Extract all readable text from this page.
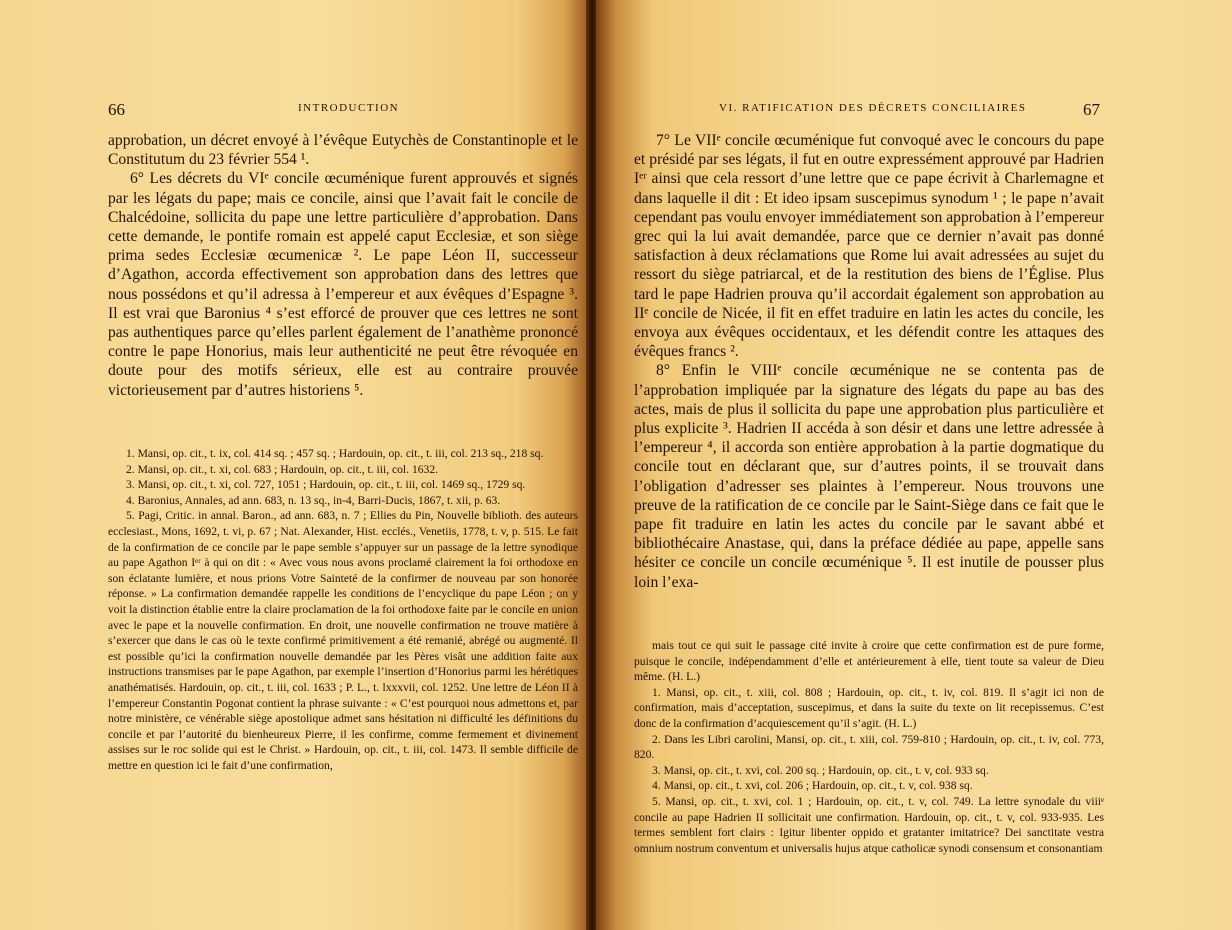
66	INTRODUCTION

approbation, un décret envoyé à l’évêque Eutychès de Constantinople et le Constitutum du 23 février 554 ¹.

6° Les décrets du VIᵉ concile œcuménique furent approuvés et signés par les légats du pape; mais ce concile, ainsi que l’avait fait le concile de Chalcédoine, sollicita du pape une lettre particulière d’approbation. Dans cette demande, le pontife romain est appelé caput Ecclesiæ, et son siège prima sedes Ecclesiæ œcumenicæ ². Le pape Léon II, successeur d’Agathon, accorda effectivement son approbation dans des lettres que nous possédons et qu’il adressa à l’empereur et aux évêques d’Espagne ³. Il est vrai que Baronius ⁴ s’est efforcé de prouver que ces lettres ne sont pas authentiques parce qu’elles parlent également de l’anathème prononcé contre le pape Honorius, mais leur authenticité ne peut être révoquée en doute pour des motifs sérieux, elle est au contraire prouvée victorieusement par d’autres historiens ⁵.

1. Mansi, op. cit., t. ix, col. 414 sq. ; 457 sq. ; Hardouin, op. cit., t. iii, col. 213 sq., 218 sq.

2. Mansi, op. cit., t. xi, col. 683 ; Hardouin, op. cit., t. iii, col. 1632.

3. Mansi, op. cit., t. xi, col. 727, 1051 ; Hardouin, op. cit., t. iii, col. 1469 sq., 1729 sq.

4. Baronius, Annales, ad ann. 683, n. 13 sq., in-4, Barri-Ducis, 1867, t. xii, p. 63.

5. Pagi, Critic. in annal. Baron., ad ann. 683, n. 7 ; Ellies du Pin, Nouvelle biblioth. des auteurs ecclesiast., Mons, 1692, t. vi, p. 67 ; Nat. Alexander, Hist. ecclés., Venetiis, 1778, t. v, p. 515. Le fait de la confirmation de ce concile par le pape semble s’appuyer sur un passage de la lettre synodique au pape Agathon Iᵉʳ à qui on dit : « Avec vous nous avons proclamé clairement la foi orthodoxe en son éclatante lumière, et nous prions Votre Sainteté de la confirmer de nouveau par son honorée réponse. » La confirmation demandée rappelle les conditions de l’encyclique du pape Léon ; on y voit la distinction établie entre la claire proclamation de la foi orthodoxe faite par le concile en union avec le pape et la nouvelle confirmation. En droit, une nouvelle confirmation ne trouve matière à s’exercer que dans le cas où le texte confirmé primitivement a été remanié, abrégé ou augmenté. Il est possible qu’ici la confirmation nouvelle demandée par les Pères visât une addition faite aux instructions transmises par le pape Agathon, par exemple l’insertion d’Honorius parmi les hérétiques anathématisés. Hardouin, op. cit., t. iii, col. 1633 ; P. L., t. lxxxvii, col. 1252. Une lettre de Léon II à l’empereur Constantin Pogonat contient la phrase suivante : « C’est pourquoi nous admettons et, par notre ministère, ce vénérable siège apostolique admet sans hésitation ni difficulté les définitions du concile et par l’autorité du bienheureux Pierre, il les confirme, comme fermement et divinement assises sur le roc solide qui est le Christ. » Hardouin, op. cit., t. iii, col. 1473. Il semble difficile de mettre en question ici le fait d’une confirmation,

VI. RATIFICATION DES DÉCRETS CONCILIAIRES	67

7° Le VIIᵉ concile œcuménique fut convoqué avec le concours du pape et présidé par ses légats, il fut en outre expressément approuvé par Hadrien Iᵉʳ ainsi que cela ressort d’une lettre que ce pape écrivit à Charlemagne et dans laquelle il dit : Et ideo ipsam suscepimus synodum ¹ ; le pape n’avait cependant pas voulu envoyer immédiatement son approbation à l’empereur grec qui la lui avait demandée, parce que ce dernier n’avait pas donné satisfaction à deux réclamations que Rome lui avait adressées au sujet du ressort du siège patriarcal, et de la restitution des biens de l’Église. Plus tard le pape Hadrien prouva qu’il accordait également son approbation au IIᵉ concile de Nicée, il fit en effet traduire en latin les actes du concile, les envoya aux évêques occidentaux, et les défendit contre les attaques des évêques francs ².

8° Enfin le VIIIᵉ concile œcuménique ne se contenta pas de l’approbation impliquée par la signature des légats du pape au bas des actes, mais de plus il sollicita du pape une approbation plus particulière et plus explicite ³. Hadrien II accéda à son désir et dans une lettre adressée à l’empereur ⁴, il accorda son entière approbation à la partie dogmatique du concile tout en déclarant que, sur d’autres points, il se trouvait dans l’obligation d’adresser ses plaintes à l’empereur. Nous trouvons une preuve de la ratification de ce concile par le Saint-Siège dans ce fait que le pape fit traduire en latin les actes du concile par le savant abbé et bibliothécaire Anastase, qui, dans la préface dédiée au pape, appelle sans hésiter ce concile un concile œcuménique ⁵. Il est inutile de pousser plus loin l’exa-

mais tout ce qui suit le passage cité invite à croire que cette confirmation est de pure forme, puisque le concile, indépendamment d’elle et antérieurement à elle, tient toute sa valeur de Dieu même. (H. L.)

1. Mansi, op. cit., t. xiii, col. 808 ; Hardouin, op. cit., t. iv, col. 819. Il s’agit ici non de confirmation, mais d’acceptation, suscepimus, et dans la suite du texte on lit recepissemus. C’est donc de la confirmation d’acquiescement qu’il s’agit. (H. L.)

2. Dans les Libri carolini, Mansi, op. cit., t. xiii, col. 759-810 ; Hardouin, op. cit., t. iv, col. 773, 820.

3. Mansi, op. cit., t. xvi, col. 200 sq. ; Hardouin, op. cit., t. v, col. 933 sq.

4. Mansi, op. cit., t. xvi, col. 206 ; Hardouin, op. cit., t. v, col. 938 sq.

5. Mansi, op. cit., t. xvi, col. 1 ; Hardouin, op. cit., t. v, col. 749. La lettre synodale du viiiᵉ concile au pape Hadrien II sollicitait une confirmation. Hardouin, op. cit., t. v, col. 933-935. Les termes semblent fort clairs : Igitur libenter oppido et gratanter imitatrice? Dei sanctitate vestra omnium nostrum conventum et universalis hujus atque catholicæ synodi consensum et consonantiam
